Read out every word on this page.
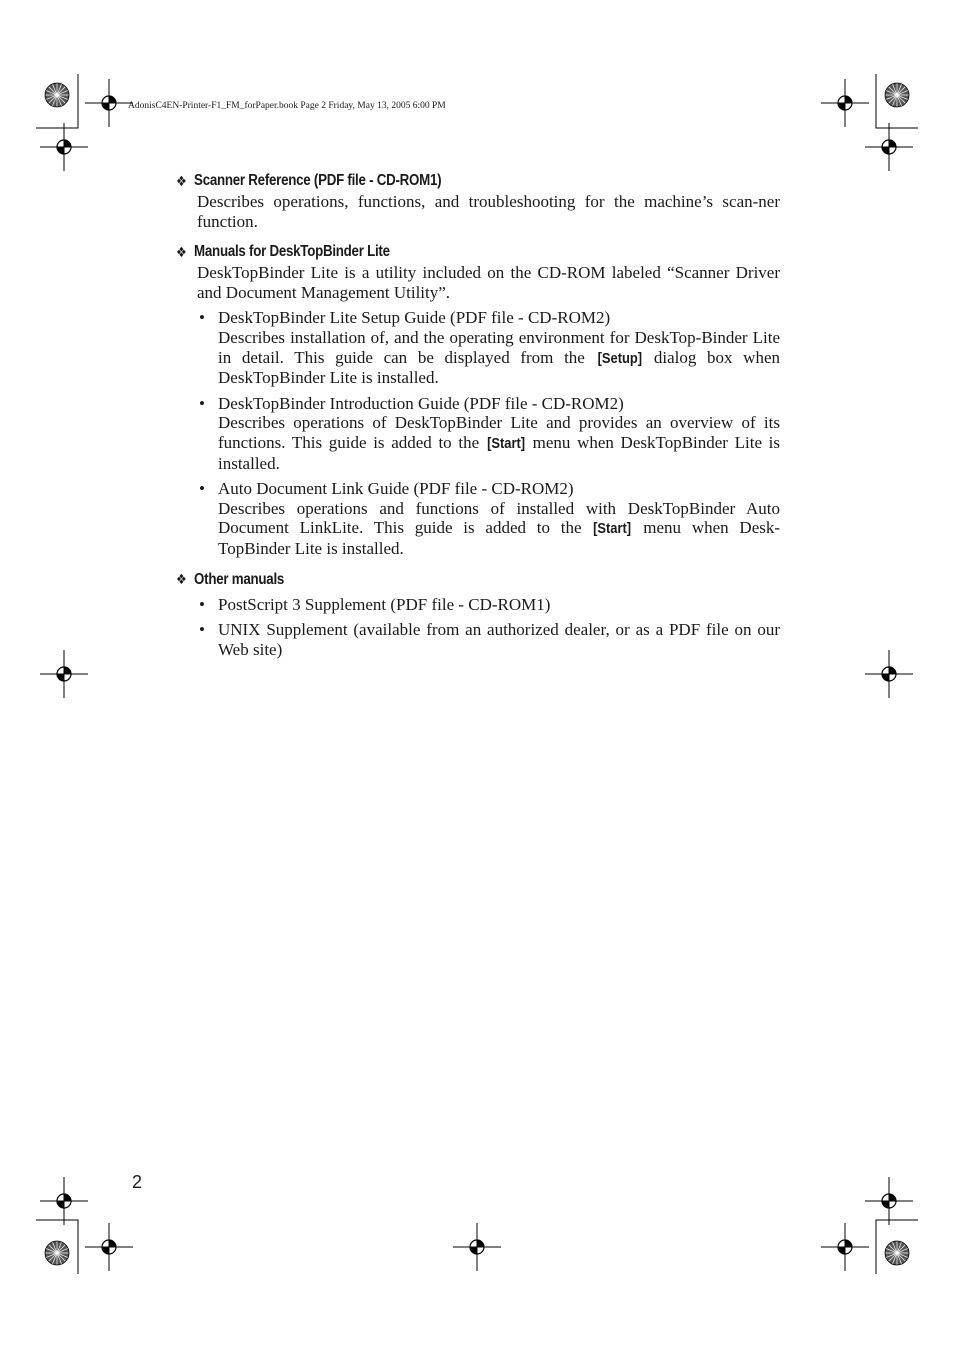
AdonisC4EN-Printer-F1_FM_forPaper.book Page 2 Friday, May 13, 2005 6:00 PM
❖ Scanner Reference (PDF file - CD-ROM1)

Describes operations, functions, and troubleshooting for the machine’s scan-ner function.

❖ Manuals for DeskTopBinder Lite

DeskTopBinder Lite is a utility included on the CD-ROM labeled “Scanner Driver and Document Management Utility”.

• DeskTopBinder Lite Setup Guide (PDF file - CD-ROM2)
Describes installation of, and the operating environment for DeskTop-Binder Lite in detail. This guide can be displayed from the [Setup] dialog box when DeskTopBinder Lite is installed.
• DeskTopBinder Introduction Guide (PDF file - CD-ROM2)
Describes operations of DeskTopBinder Lite and provides an overview of its functions. This guide is added to the [Start] menu when DeskTopBinder Lite is installed.
• Auto Document Link Guide (PDF file - CD-ROM2)
Describes operations and functions of installed with DeskTopBinder Auto Document LinkLite. This guide is added to the [Start] menu when Desk-TopBinder Lite is installed.
❖ Other manuals
• PostScript 3 Supplement (PDF file - CD-ROM1)
• UNIX Supplement (available from an authorized dealer, or as a PDF file on our Web site)
2
